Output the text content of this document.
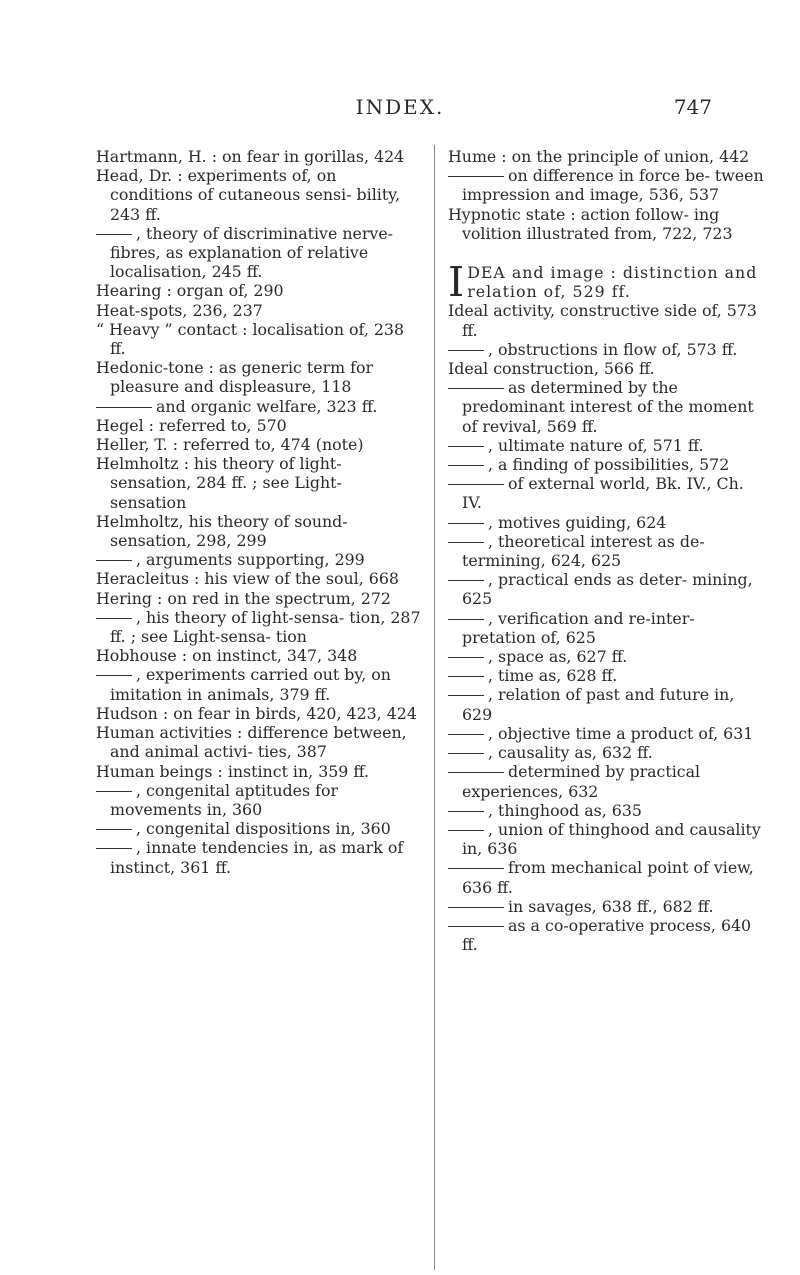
INDEX.	747

Hartmann, H. : on fear in gorillas, 424

Head, Dr. : experiments of, on conditions of cutaneous sensi- bility, 243 ff.

, theory of discriminative nerve-fibres, as explanation of relative localisation, 245 ff.

Hearing : organ of, 290

Heat-spots, 236, 237

“ Heavy ” contact : localisation of, 238 ff.

Hedonic-tone : as generic term for pleasure and displeasure, 118

and organic welfare, 323 ff.

Hegel : referred to, 570

Heller, T. : referred to, 474 (note)

Helmholtz : his theory of light- sensation, 284 ff. ; see Light- sensation

Helmholtz, his theory of sound- sensation, 298, 299

, arguments supporting, 299

Heracleitus : his view of the soul, 668

Hering : on red in the spectrum, 272

, his theory of light-sensa- tion, 287 ff. ; see Light-sensa- tion

Hobhouse : on instinct, 347, 348

, experiments carried out by, on imitation in animals, 379 ff.

Hudson : on fear in birds, 420, 423, 424

Human activities : difference between, and animal activi- ties, 387

Human beings : instinct in, 359 ff.

, congenital aptitudes for movements in, 360

, congenital dispositions in, 360

, innate tendencies in, as mark of instinct, 361 ff.

Hume : on the principle of union, 442

on difference in force be- tween impression and image, 536, 537

Hypnotic state : action follow- ing volition illustrated from, 722, 723

IDEA and image : distinction and relation of, 529 ff.

Ideal activity, constructive side of, 573 ff.

, obstructions in flow of, 573 ff.

Ideal construction, 566 ff.

as determined by the predominant interest of the moment of revival, 569 ff.

, ultimate nature of, 571 ff.

, a finding of possibilities, 572

of external world, Bk. IV., Ch. IV.

, motives guiding, 624

, theoretical interest as de- termining, 624, 625

, practical ends as deter- mining, 625

, verification and re-inter- pretation of, 625

, space as, 627 ff.

, time as, 628 ff.

, relation of past and future in, 629

, objective time a product of, 631

, causality as, 632 ff.

determined by practical experiences, 632

, thinghood as, 635

, union of thinghood and causality in, 636

from mechanical point of view, 636 ff.

in savages, 638 ff., 682 ff.

as a co-operative process, 640 ff.
